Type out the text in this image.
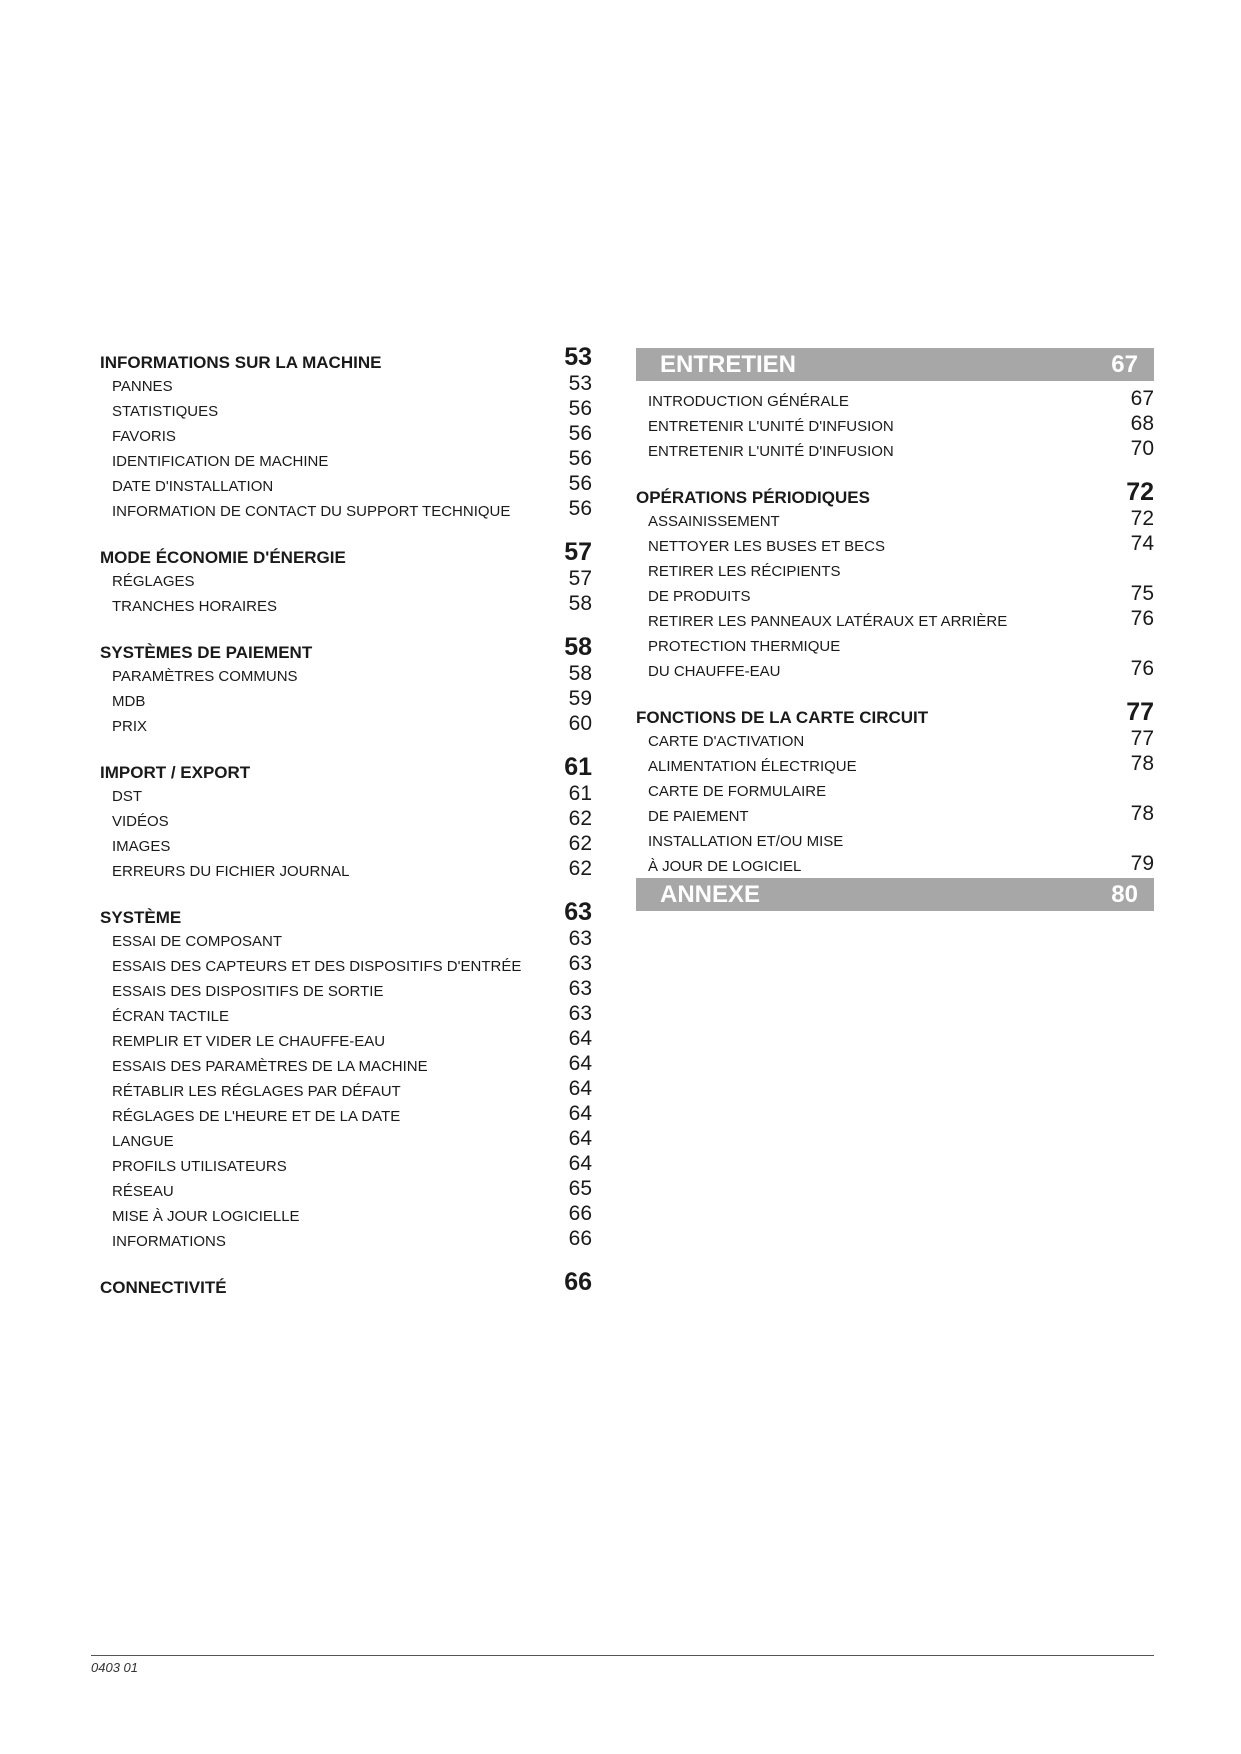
INFORMATIONS SUR LA MACHINE	53
PANNES	53
STATISTIQUES	56
FAVORIS	56
IDENTIFICATION DE MACHINE	56
DATE D'INSTALLATION	56
INFORMATION DE CONTACT DU SUPPORT TECHNIQUE	56
MODE ÉCONOMIE D'ÉNERGIE	57
RÉGLAGES	57
TRANCHES HORAIRES	58
SYSTÈMES DE PAIEMENT	58
PARAMÈTRES COMMUNS	58
MDB	59
PRIX	60
IMPORT / EXPORT	61
DST	61
VIDÉOS	62
IMAGES	62
ERREURS DU FICHIER JOURNAL	62
SYSTÈME	63
ESSAI DE COMPOSANT	63
ESSAIS DES CAPTEURS ET DES DISPOSITIFS D'ENTRÉE 63
ESSAIS DES DISPOSITIFS DE SORTIE	63
ÉCRAN TACTILE	63
REMPLIR ET VIDER LE CHAUFFE-EAU	64
ESSAIS DES PARAMÈTRES DE LA MACHINE	64
RÉTABLIR LES RÉGLAGES PAR DÉFAUT	64
RÉGLAGES DE L'HEURE ET DE LA DATE	64
LANGUE	64
PROFILS UTILISATEURS	64
RÉSEAU	65
MISE À JOUR LOGICIELLE	66
INFORMATIONS	66
CONNECTIVITÉ	66
ENTRETIEN	67
INTRODUCTION GÉNÉRALE	67
ENTRETENIR L'UNITÉ D'INFUSION	68
ENTRETENIR L'UNITÉ D'INFUSION	70
OPÉRATIONS PÉRIODIQUES	72
ASSAINISSEMENT	72
NETTOYER LES BUSES ET BECS	74
RETIRER LES RÉCIPIENTS
DE PRODUITS	75
RETIRER LES PANNEAUX LATÉRAUX ET ARRIÈRE	76
PROTECTION THERMIQUE
DU CHAUFFE-EAU	76
FONCTIONS DE LA CARTE CIRCUIT	77
CARTE D'ACTIVATION	77
ALIMENTATION ÉLECTRIQUE	78
CARTE DE FORMULAIRE
DE PAIEMENT	78
INSTALLATION ET/OU MISE
À JOUR DE LOGICIEL	79
ANNEXE	80
0403 01
